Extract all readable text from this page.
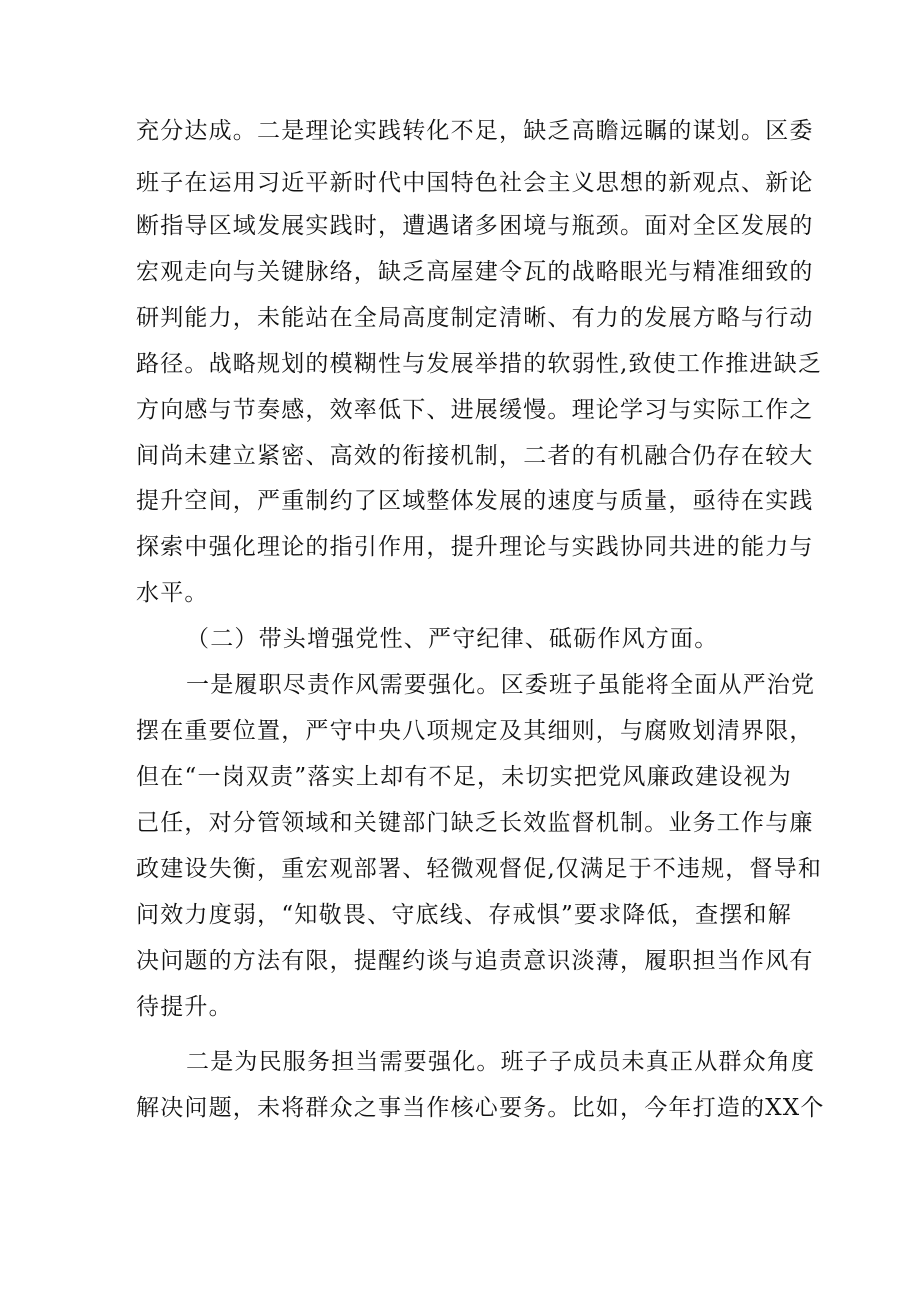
充分达成。二是理论实践转化不足，缺乏高瞻远瞩的谋划。区委
班子在运用习近平新时代中国特色社会主义思想的新观点、新论
断指导区域发展实践时，遭遇诸多困境与瓶颈。面对全区发展的
宏观走向与关键脉络，缺乏高屋建令瓦的战略眼光与精准细致的
研判能力，未能站在全局高度制定清晰、有力的发展方略与行动
路径。战略规划的模糊性与发展举措的软弱性,致使工作推进缺乏
方向感与节奏感，效率低下、进展缓慢。理论学习与实际工作之
间尚未建立紧密、高效的衔接机制，二者的有机融合仍存在较大
提升空间，严重制约了区域整体发展的速度与质量，亟待在实践
探索中强化理论的指引作用，提升理论与实践协同共进的能力与
水平。
（二）带头增强党性、严守纪律、砥砺作风方面。
一是履职尽责作风需要强化。区委班子虽能将全面从严治党
摆在重要位置，严守中央八项规定及其细则，与腐败划清界限，
但在“一岗双责”落实上却有不足，未切实把党风廉政建设视为
己任，对分管领域和关键部门缺乏长效监督机制。业务工作与廉
政建设失衡，重宏观部署、轻微观督促,仅满足于不违规，督导和
问效力度弱，“知敬畏、守底线、存戒惧”要求降低，查摆和解
决问题的方法有限，提醒约谈与追责意识淡薄，履职担当作风有
待提升。
二是为民服务担当需要强化。班子子成员未真正从群众角度
解决问题，未将群众之事当作核心要务。比如，今年打造的XX个
